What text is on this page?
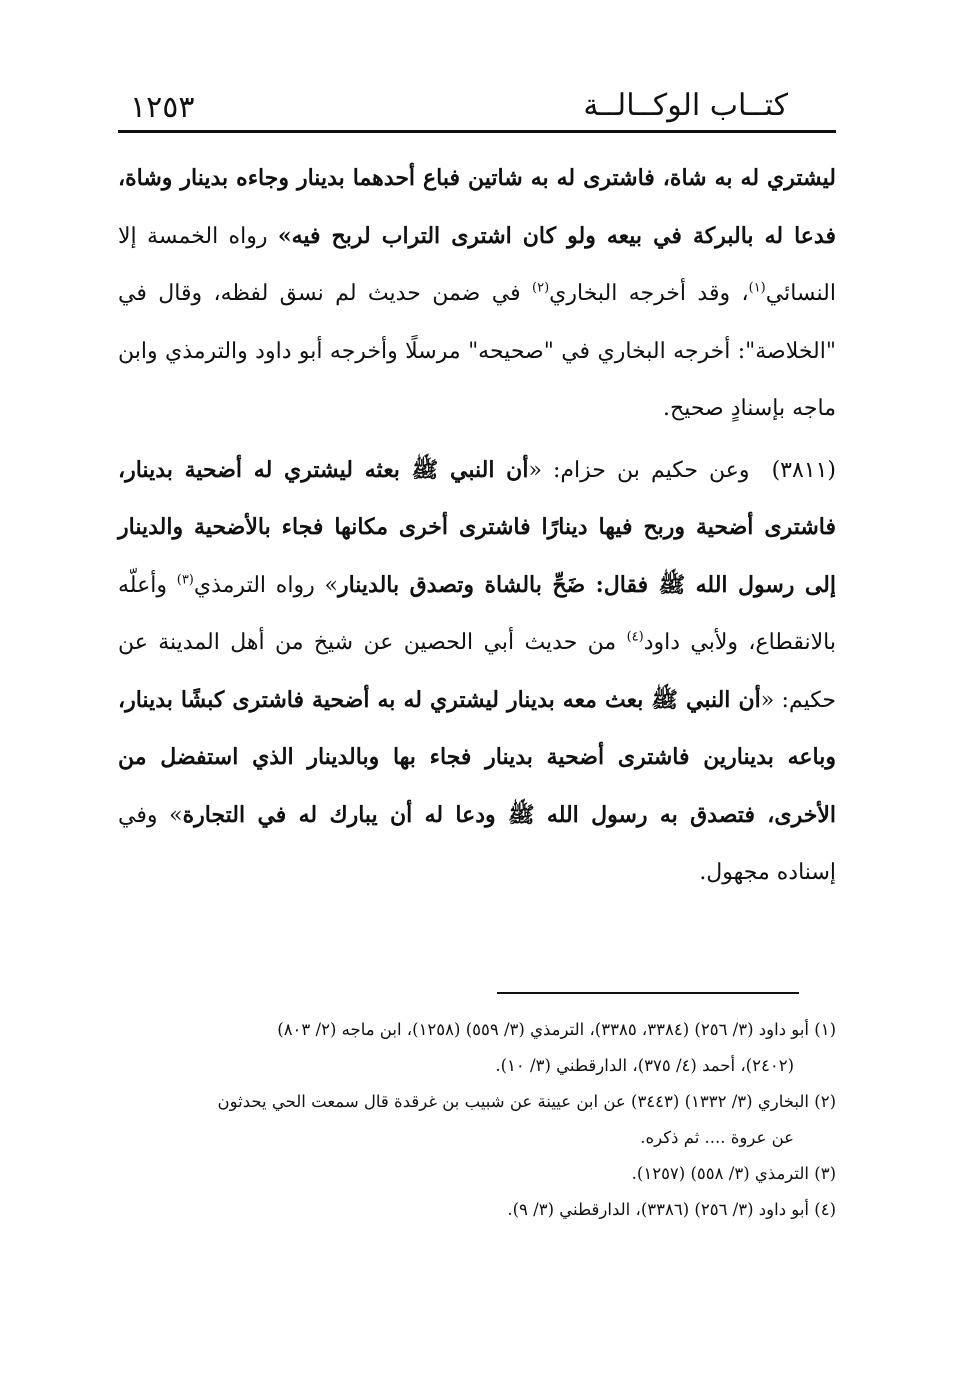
كتــاب الوكــالــة
١٢٥٣

ليشتري له به شاة، فاشترى له به شاتين فباع أحدهما بدينار وجاءه بدينار وشاة، فدعا له بالبركة في بيعه ولو كان اشترى التراب لربح فيه» رواه الخمسة إلا النسائي$^{(١)}$، وقد أخرجه البخاري$^{(٢)}$ في ضمن حديث لم نسق لفظه، وقال في "الخلاصة": أخرجه البخاري في "صحيحه" مرسلًا وأخرجه أبو داود والترمذي وابن ماجه بإسنادٍ صحيح.

(٣٨١١)وعن حكيم بن حزام: «أن النبي ﷺ بعثه ليشتري له أضحية بدينار، فاشترى أضحية وربح فيها دينارًا فاشترى أخرى مكانها فجاء بالأضحية والدينار إلى رسول الله ﷺ فقال: ضَحِّ بالشاة وتصدق بالدينار» رواه الترمذي$^{(٣)}$ وأعلّه بالانقطاع، ولأبي داود$^{(٤)}$ من حديث أبي الحصين عن شيخ من أهل المدينة عن حكيم: «أن النبي ﷺ بعث معه بدينار ليشتري له به أضحية فاشترى كبشًا بدينار، وباعه بدينارين فاشترى أضحية بدينار فجاء بها وبالدينار الذي استفضل من الأخرى، فتصدق به رسول الله ﷺ ودعا له أن يبارك له في التجارة» وفي إسناده مجهول.

(١) أبو داود (٣/ ٢٥٦) (٣٣٨٤، ٣٣٨٥)، الترمذي (٣/ ٥٥٩) (١٢٥٨)، ابن ماجه (٢/ ٨٠٣)
(٢٤٠٢)، أحمد (٤/ ٣٧٥)، الدارقطني (٣/ ١٠).

(٢) البخاري (٣/ ١٣٣٢) (٣٤٤٣) عن ابن عيينة عن شبيب بن غرقدة قال سمعت الحي يحدثون
عن عروة .... ثم ذكره.

(٣) الترمذي (٣/ ٥٥٨) (١٢٥٧).

(٤) أبو داود (٣/ ٢٥٦) (٣٣٨٦)، الدارقطني (٣/ ٩).
